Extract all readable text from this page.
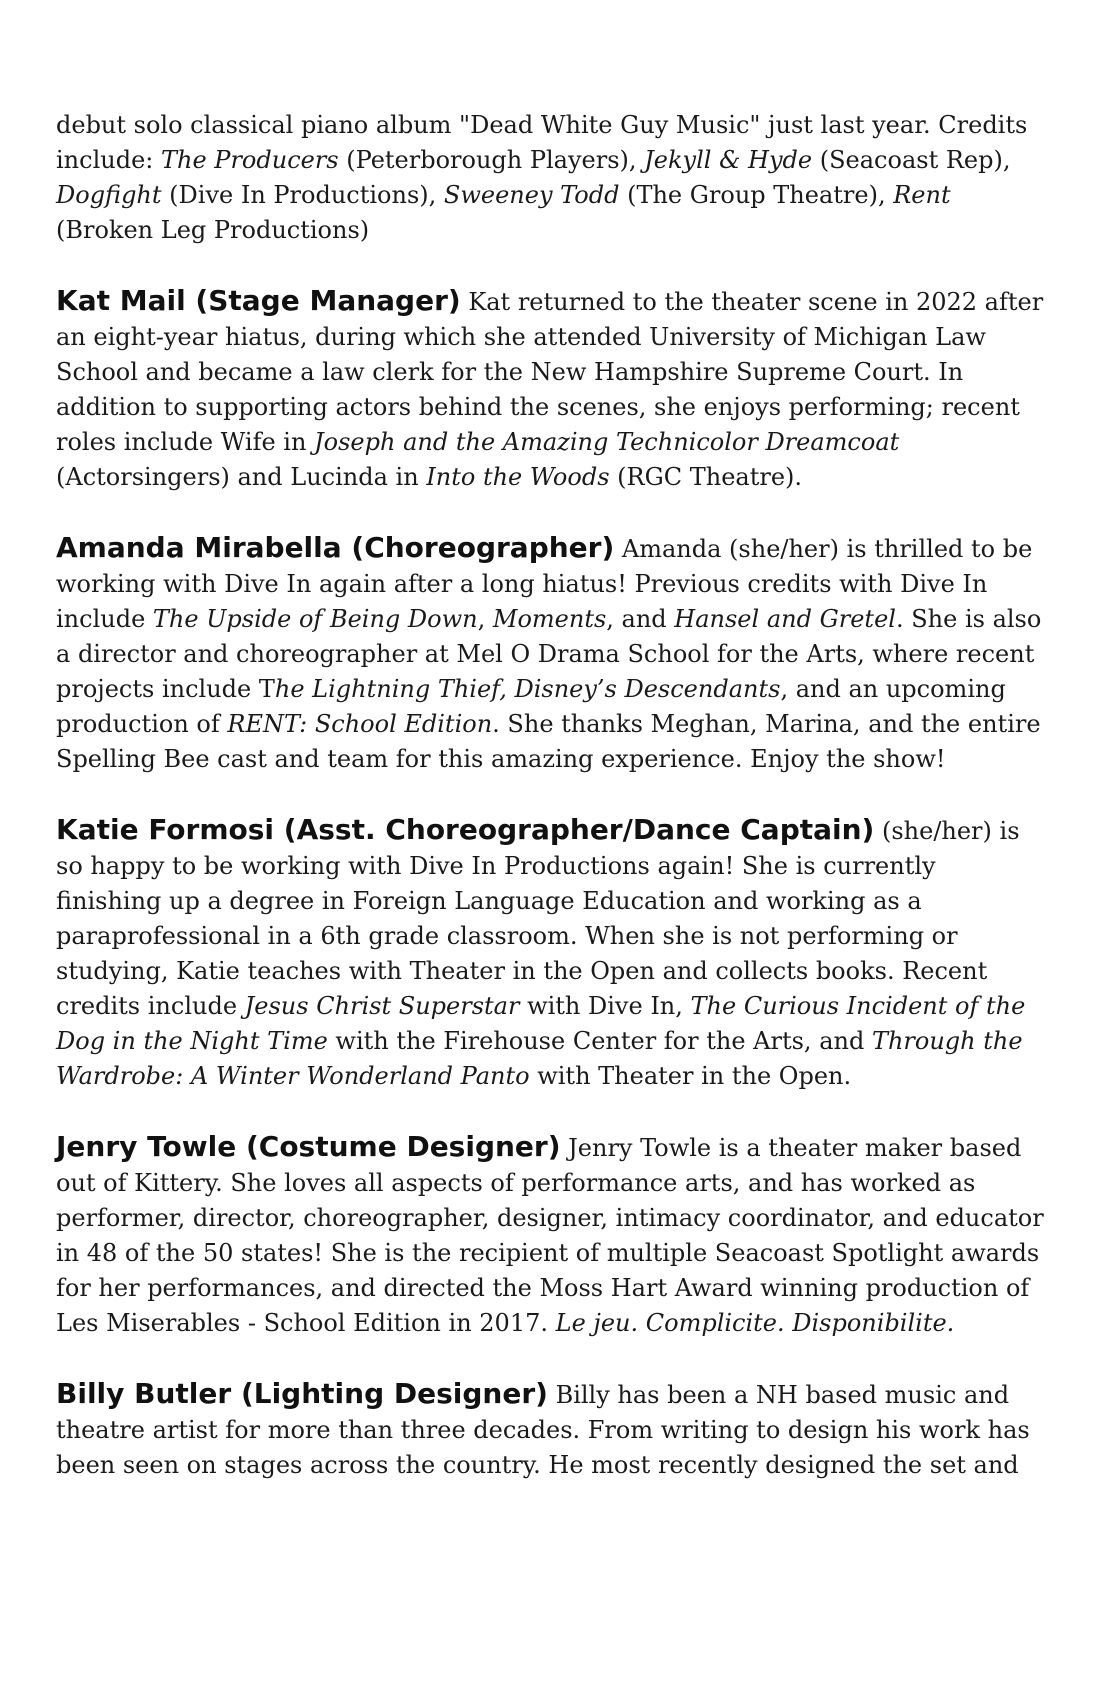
debut solo classical piano album "Dead White Guy Music" just last year. Credits include: The Producers (Peterborough Players), Jekyll & Hyde (Seacoast Rep), Dogfight (Dive In Productions), Sweeney Todd (The Group Theatre), Rent (Broken Leg Productions)

Kat Mail (Stage Manager) Kat returned to the theater scene in 2022 after an eight-year hiatus, during which she attended University of Michigan Law School and became a law clerk for the New Hampshire Supreme Court. In addition to supporting actors behind the scenes, she enjoys performing; recent roles include Wife in Joseph and the Amazing Technicolor Dreamcoat (Actorsingers) and Lucinda in Into the Woods (RGC Theatre).

Amanda Mirabella (Choreographer) Amanda (she/her) is thrilled to be working with Dive In again after a long hiatus! Previous credits with Dive In include The Upside of Being Down, Moments, and Hansel and Gretel. She is also a director and choreographer at Mel O Drama School for the Arts, where recent projects include The Lightning Thief, Disney’s Descendants, and an upcoming production of RENT: School Edition. She thanks Meghan, Marina, and the entire Spelling Bee cast and team for this amazing experience. Enjoy the show!

Katie Formosi (Asst. Choreographer/Dance Captain) (she/her) is so happy to be working with Dive In Productions again! She is currently finishing up a degree in Foreign Language Education and working as a paraprofessional in a 6th grade classroom. When she is not performing or studying, Katie teaches with Theater in the Open and collects books. Recent credits include Jesus Christ Superstar with Dive In, The Curious Incident of the Dog in the Night Time with the Firehouse Center for the Arts, and Through the Wardrobe: A Winter Wonderland Panto with Theater in the Open.

Jenry Towle (Costume Designer) Jenry Towle is a theater maker based out of Kittery. She loves all aspects of performance arts, and has worked as performer, director, choreographer, designer, intimacy coordinator, and educator in 48 of the 50 states! She is the recipient of multiple Seacoast Spotlight awards for her performances, and directed the Moss Hart Award winning production of Les Miserables - School Edition in 2017. Le jeu. Complicite. Disponibilite.

Billy Butler (Lighting Designer) Billy has been a NH based music and theatre artist for more than three decades. From writing to design his work has been seen on stages across the country. He most recently designed the set and
